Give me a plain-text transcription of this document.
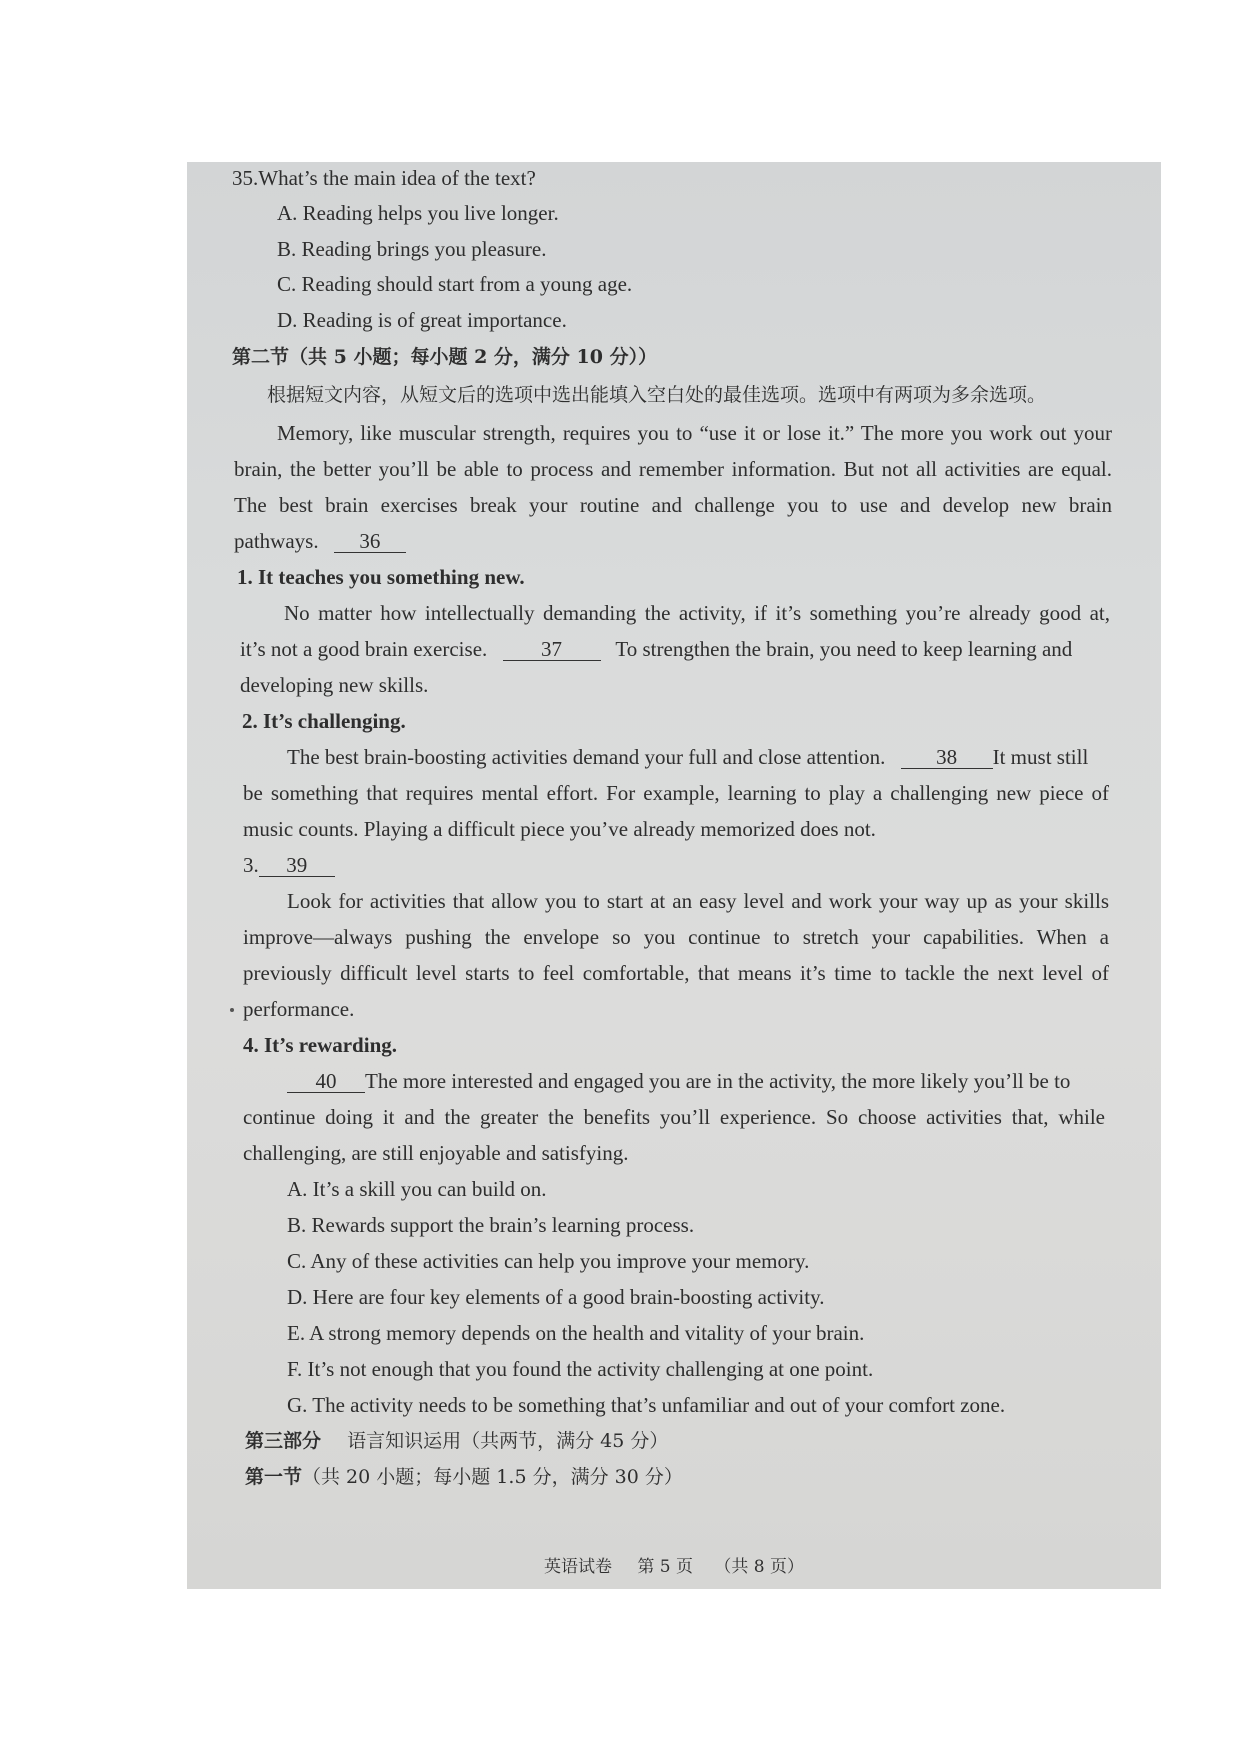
35.What’s the main idea of the text?
A. Reading helps you live longer.
B. Reading brings you pleasure.
C. Reading should start from a young age.
D. Reading is of great importance.
第二节（共 5 小题；每小题 2 分，满分 10 分））
根据短文内容，从短文后的选项中选出能填入空白处的最佳选项。选项中有两项为多余选项。
Memory, like muscular strength, requires you to “use it or lose it.” The more you work out your
brain, the better you’ll be able to process and remember information. But not all activities are equal.
The best brain exercises break your routine and challenge you to use and develop new brain
pathways. 36
1. It teaches you something new.
No matter how intellectually demanding the activity, if it’s something you’re already good at,
it’s not a good brain exercise.	37	To strengthen the brain, you need to keep learning and
developing new skills.
2. It’s challenging.
The best brain-boosting activities demand your full and close attention. 38 It must still
be something that requires mental effort. For example, learning to play a challenging new piece of
music counts. Playing a difficult piece you’ve already memorized does not.
3. 39
Look for activities that allow you to start at an easy level and work your way up as your skills
improve—always pushing the envelope so you continue to stretch your capabilities. When a
previously difficult level starts to feel comfortable, that means it’s time to tackle the next level of
performance.
4. It’s rewarding.
40 The more interested and engaged you are in the activity, the more likely you’ll be to
continue doing it and the greater the benefits you’ll experience. So choose activities that, while
challenging, are still enjoyable and satisfying.
A. It’s a skill you can build on.
B. Rewards support the brain’s learning process.
C. Any of these activities can help you improve your memory.
D. Here are four key elements of a good brain-boosting activity.
E. A strong memory depends on the health and vitality of your brain.
F. It’s not enough that you found the activity challenging at one point.
G. The activity needs to be something that’s unfamiliar and out of your comfort zone.
第三部分 语言知识运用（共两节，满分 45 分）
第一节（共 20 小题；每小题 1.5 分，满分 30 分）
英语试卷 第 5 页 （共 8 页）
